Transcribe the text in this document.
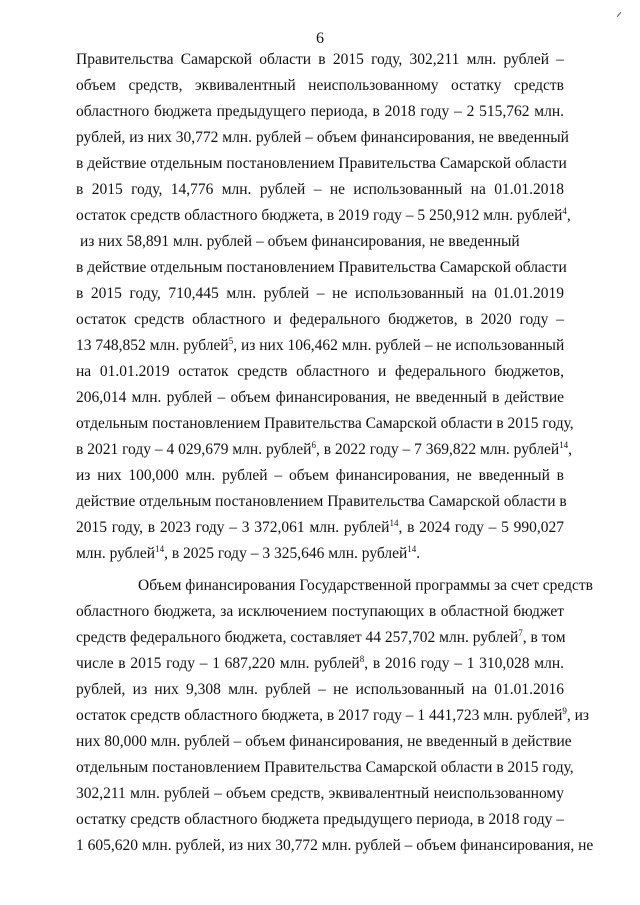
6
Правительства Самарской области в 2015 году, 302,211 млн. рублей –
объем средств, эквивалентный неиспользованному остатку средств
областного бюджета предыдущего периода, в 2018 году – 2 515,762 млн.
рублей, из них 30,772 млн. рублей – объем финансирования, не введенный
в действие отдельным постановлением Правительства Самарской области
в 2015 году, 14,776 млн. рублей – не использованный на 01.01.2018
остаток средств областного бюджета, в 2019 году – 5 250,912 млн. рублей$^4$,
из них 58,891 млн. рублей – объем финансирования, не введенный
в действие отдельным постановлением Правительства Самарской области
в 2015 году, 710,445 млн. рублей – не использованный на 01.01.2019
остаток средств областного и федерального бюджетов, в 2020 году –
13 748,852 млн. рублей$^5$, из них 106,462 млн. рублей – не использованный
на 01.01.2019 остаток средств областного и федерального бюджетов,
206,014 млн. рублей – объем финансирования, не введенный в действие
отдельным постановлением Правительства Самарской области в 2015 году,
в 2021 году – 4 029,679 млн. рублей$^6$, в 2022 году – 7 369,822 млн. рублей$^{14}$,
из них 100,000 млн. рублей – объем финансирования, не введенный в
действие отдельным постановлением Правительства Самарской области в
2015 году, в 2023 году – 3 372,061 млн. рублей$^{14}$, в 2024 году – 5 990,027
млн. рублей$^{14}$, в 2025 году – 3 325,646 млн. рублей$^{14}$.
Объем финансирования Государственной программы за счет средств
областного бюджета, за исключением поступающих в областной бюджет
средств федерального бюджета, составляет 44 257,702 млн. рублей$^7$, в том
числе в 2015 году – 1 687,220 млн. рублей$^8$, в 2016 году – 1 310,028 млн.
рублей, из них 9,308 млн. рублей – не использованный на 01.01.2016
остаток средств областного бюджета, в 2017 году – 1 441,723 млн. рублей$^9$, из
них 80,000 млн. рублей – объем финансирования, не введенный в действие
отдельным постановлением Правительства Самарской области в 2015 году,
302,211 млн. рублей – объем средств, эквивалентный неиспользованному
остатку средств областного бюджета предыдущего периода, в 2018 году –
1 605,620 млн. рублей, из них 30,772 млн. рублей – объем финансирования, не
